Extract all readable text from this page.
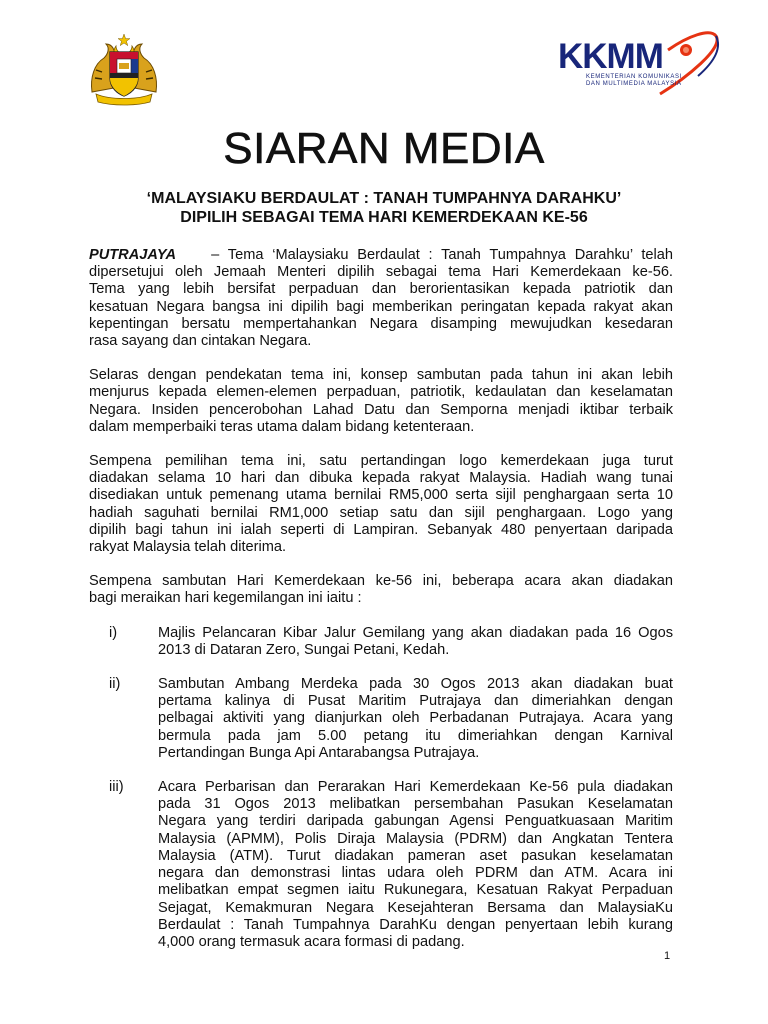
KKMM
KEMENTERIAN KOMUNIKASI
DAN MULTIMEDIA MALAYSIA
SIARAN MEDIA
‘MALAYSIAKU BERDAULAT : TANAH TUMPAHNYA DARAHKU’
DIPILIH SEBAGAI TEMA HARI KEMERDEKAAN KE-56
PUTRAJAYA – Tema ‘Malaysiaku Berdaulat : Tanah Tumpahnya Darahku’ telah
dipersetujui oleh Jemaah Menteri dipilih sebagai tema Hari Kemerdekaan ke-56.
Tema yang lebih bersifat perpaduan dan berorientasikan kepada patriotik dan
kesatuan Negara bangsa ini dipilih bagi memberikan peringatan kepada rakyat akan
kepentingan bersatu mempertahankan Negara disamping mewujudkan kesedaran
rasa sayang dan cintakan Negara.
Selaras dengan pendekatan tema ini, konsep sambutan pada tahun ini akan lebih
menjurus kepada elemen-elemen perpaduan, patriotik, kedaulatan dan keselamatan
Negara. Insiden pencerobohan Lahad Datu dan Semporna menjadi iktibar terbaik
dalam memperbaiki teras utama dalam bidang ketenteraan.
Sempena pemilihan tema ini, satu pertandingan logo kemerdekaan juga turut
diadakan selama 10 hari dan dibuka kepada rakyat Malaysia. Hadiah wang tunai
disediakan untuk pemenang utama bernilai RM5,000 serta sijil penghargaan serta 10
hadiah saguhati bernilai RM1,000 setiap satu dan sijil penghargaan. Logo yang
dipilih bagi tahun ini ialah seperti di Lampiran. Sebanyak 480 penyertaan daripada
rakyat Malaysia telah diterima.
Sempena sambutan Hari Kemerdekaan ke-56 ini, beberapa acara akan diadakan
bagi meraikan hari kegemilangan ini iaitu :
i)	Majlis Pelancaran Kibar Jalur Gemilang yang akan diadakan pada 16 Ogos
2013 di Dataran Zero, Sungai Petani, Kedah.
ii)	Sambutan Ambang Merdeka pada 30 Ogos 2013 akan diadakan buat
pertama kalinya di Pusat Maritim Putrajaya dan dimeriahkan dengan
pelbagai aktiviti yang dianjurkan oleh Perbadanan Putrajaya. Acara yang
bermula pada jam 5.00 petang itu dimeriahkan dengan Karnival
Pertandingan Bunga Api Antarabangsa Putrajaya.
iii) Acara Perbarisan dan Perarakan Hari Kemerdekaan Ke-56 pula diadakan
pada 31 Ogos 2013 melibatkan persembahan Pasukan Keselamatan
Negara yang terdiri daripada gabungan Agensi Penguatkuasaan Maritim
Malaysia (APMM), Polis Diraja Malaysia (PDRM) dan Angkatan Tentera
Malaysia (ATM). Turut diadakan pameran aset pasukan keselamatan
negara dan demonstrasi lintas udara oleh PDRM dan ATM. Acara ini
melibatkan empat segmen iaitu Rukunegara, Kesatuan Rakyat Perpaduan
Sejagat, Kemakmuran Negara Kesejahteran Bersama dan MalaysiaKu
Berdaulat : Tanah Tumpahnya DarahKu dengan penyertaan lebih kurang
4,000 orang termasuk acara formasi di padang.
1
